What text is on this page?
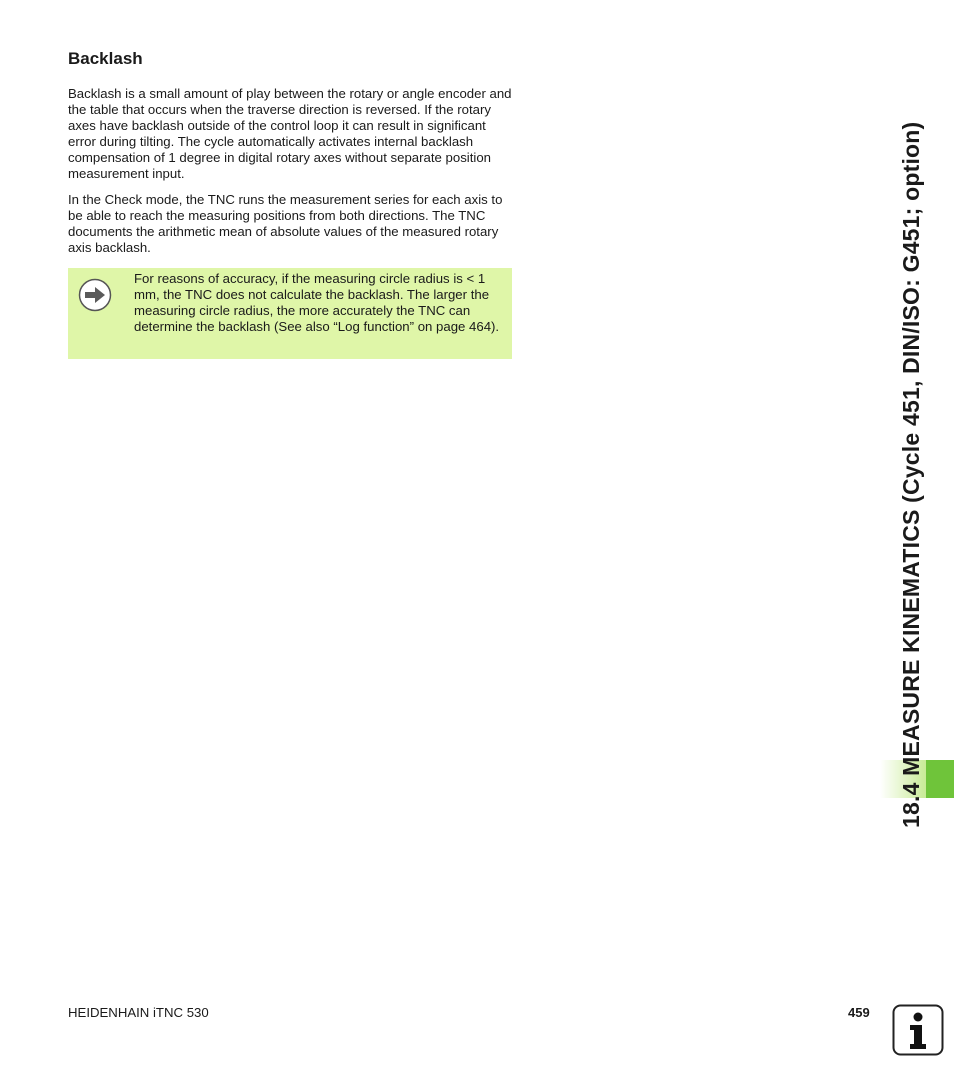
Backlash

Backlash is a small amount of play between the rotary or angle encoder and the table that occurs when the traverse direction is reversed. If the rotary axes have backlash outside of the control loop it can result in significant error during tilting. The cycle automatically activates internal backlash compensation of 1 degree in digital rotary axes without separate position measurement input.

In the Check mode, the TNC runs the measurement series for each axis to be able to reach the measuring positions from both directions. The TNC documents the arithmetic mean of absolute values of the measured rotary axis backlash.

For reasons of accuracy, if the measuring circle radius is < 1 mm, the TNC does not calculate the backlash. The larger the measuring circle radius, the more accurately the TNC can determine the backlash (See also “Log function” on page 464).	18.4 MEASURE KINEMATICS (Cycle 451, DIN/ISO: G451; option)
HEIDENHAIN iTNC 530	459
